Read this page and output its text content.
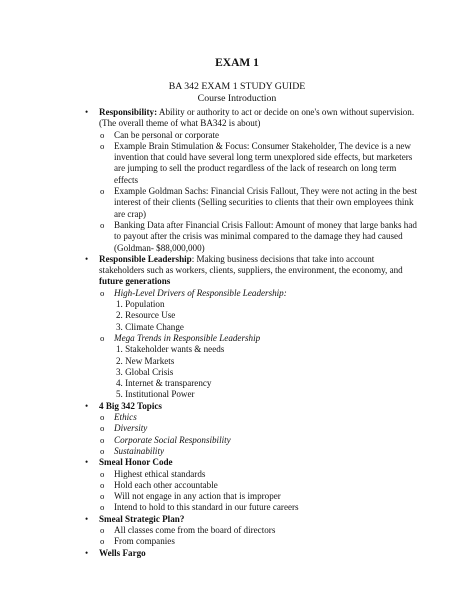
EXAM 1
BA 342 EXAM 1 STUDY GUIDE
Course Introduction
• Responsibility: Ability or authority to act or decide on one's own without supervision. (The overall theme of what BA342 is about)
o Can be personal or corporate
o Example Brain Stimulation & Focus: Consumer Stakeholder, The device is a new invention that could have several long term unexplored side effects, but marketers are jumping to sell the product regardless of the lack of research on long term effects
o Example Goldman Sachs: Financial Crisis Fallout, They were not acting in the best interest of their clients (Selling securities to clients that their own employees think are crap)
o Banking Data after Financial Crisis Fallout: Amount of money that large banks had to payout after the crisis was minimal compared to the damage they had caused (Goldman- $88,000,000)
• Responsible Leadership: Making business decisions that take into account stakeholders such as workers, clients, suppliers, the environment, the economy, and future generations
o High-Level Drivers of Responsible Leadership:
1. Population
2. Resource Use
3. Climate Change
o Mega Trends in Responsible Leadership
1. Stakeholder wants & needs
2. New Markets
3. Global Crisis
4. Internet & transparency
5. Institutional Power
• 4 Big 342 Topics
o Ethics
o Diversity
o Corporate Social Responsibility
o Sustainability
• Smeal Honor Code
o Highest ethical standards
o Hold each other accountable
o Will not engage in any action that is improper
o Intend to hold to this standard in our future careers
• Smeal Strategic Plan?
o All classes come from the board of directors
o From companies
• Wells Fargo
